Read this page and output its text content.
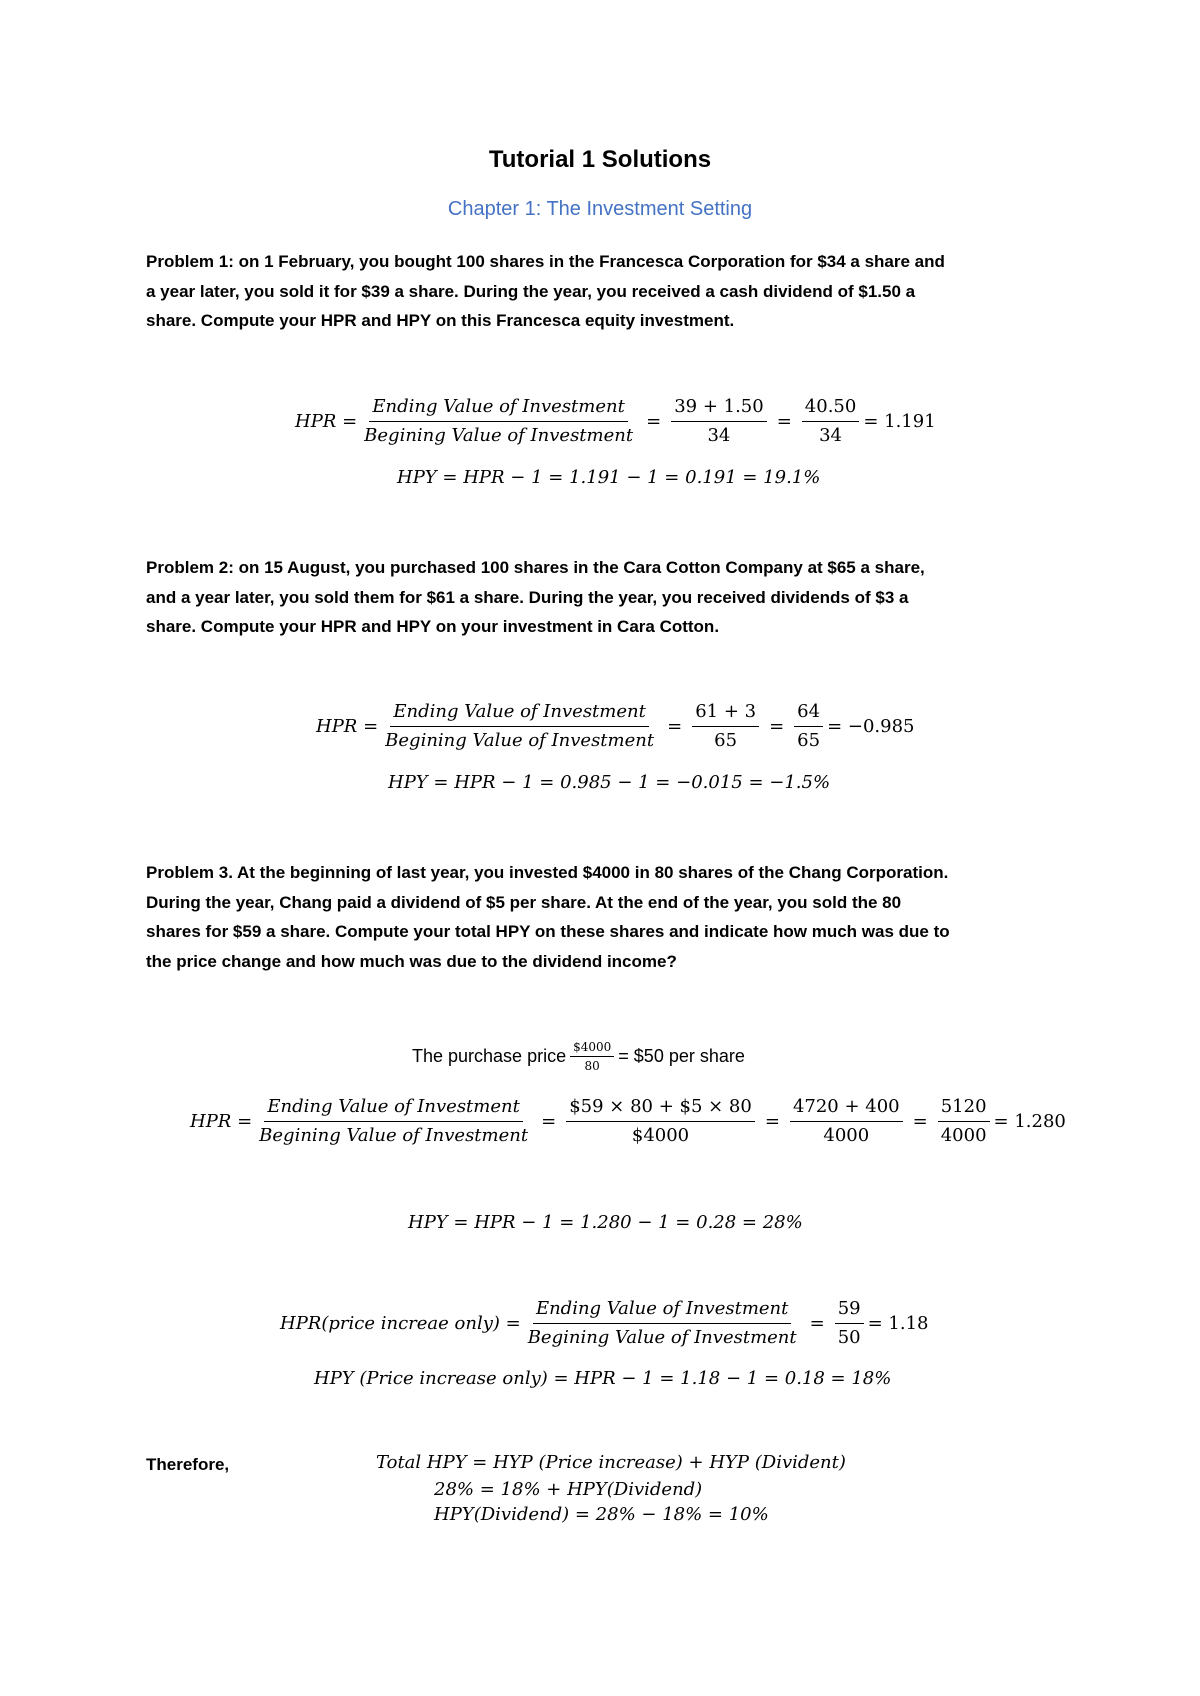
Tutorial 1 Solutions
Chapter 1: The Investment Setting
Problem 1: on 1 February, you bought 100 shares in the Francesca Corporation for $34 a share and
a year later, you sold it for $39 a share. During the year, you received a cash dividend of $1.50 a
share. Compute your HPR and HPY on this Francesca equity investment.
HPR = $\frac{\text{Ending Value of Investment}}{\text{Begining Value of Investment}} = \frac{39 + 1.50}{34} = \frac{40.50}{34} = 1.191$
HPY = HPR − 1 = 1.191 − 1 = 0.191 = 19.1%
Problem 2: on 15 August, you purchased 100 shares in the Cara Cotton Company at $65 a share,
and a year later, you sold them for $61 a share. During the year, you received dividends of $3 a
share. Compute your HPR and HPY on your investment in Cara Cotton.
HPR = $\frac{\text{Ending Value of Investment}}{\text{Begining Value of Investment}} = \frac{61 + 3}{65} = \frac{64}{65} = -0.985$
HPY = HPR − 1 = 0.985 − 1 = −0.015 = −1.5%
Problem 3. At the beginning of last year, you invested $4000 in 80 shares of the Chang Corporation.
During the year, Chang paid a dividend of $5 per share. At the end of the year, you sold the 80
shares for $59 a share. Compute your total HPY on these shares and indicate how much was due to
the price change and how much was due to the dividend income?
The purchase price $\frac{\$4000}{80}$ = $50 per share
HPR = $\frac{\text{Ending Value of Investment}}{\text{Begining Value of Investment}} = \frac{\$59 \times 80 + \$5 \times 80}{\$4000} = \frac{4720 + 400}{4000} = \frac{5120}{4000} = 1.280$
HPY = HPR − 1 = 1.280 − 1 = 0.28 = 28%
HPR(price increae only) = $\frac{\text{Ending Value of Investment}}{\text{Begining Value of Investment}} = \frac{59}{50} = 1.18$
HPY (Price increase only) = HPR − 1 = 1.18 − 1 = 0.18 = 18%
Therefore,	Total HPY = HYP (Price increase) + HYP (Divident)
28% = 18% + HPY(Dividend)
HPY(Dividend) = 28% − 18% = 10%
